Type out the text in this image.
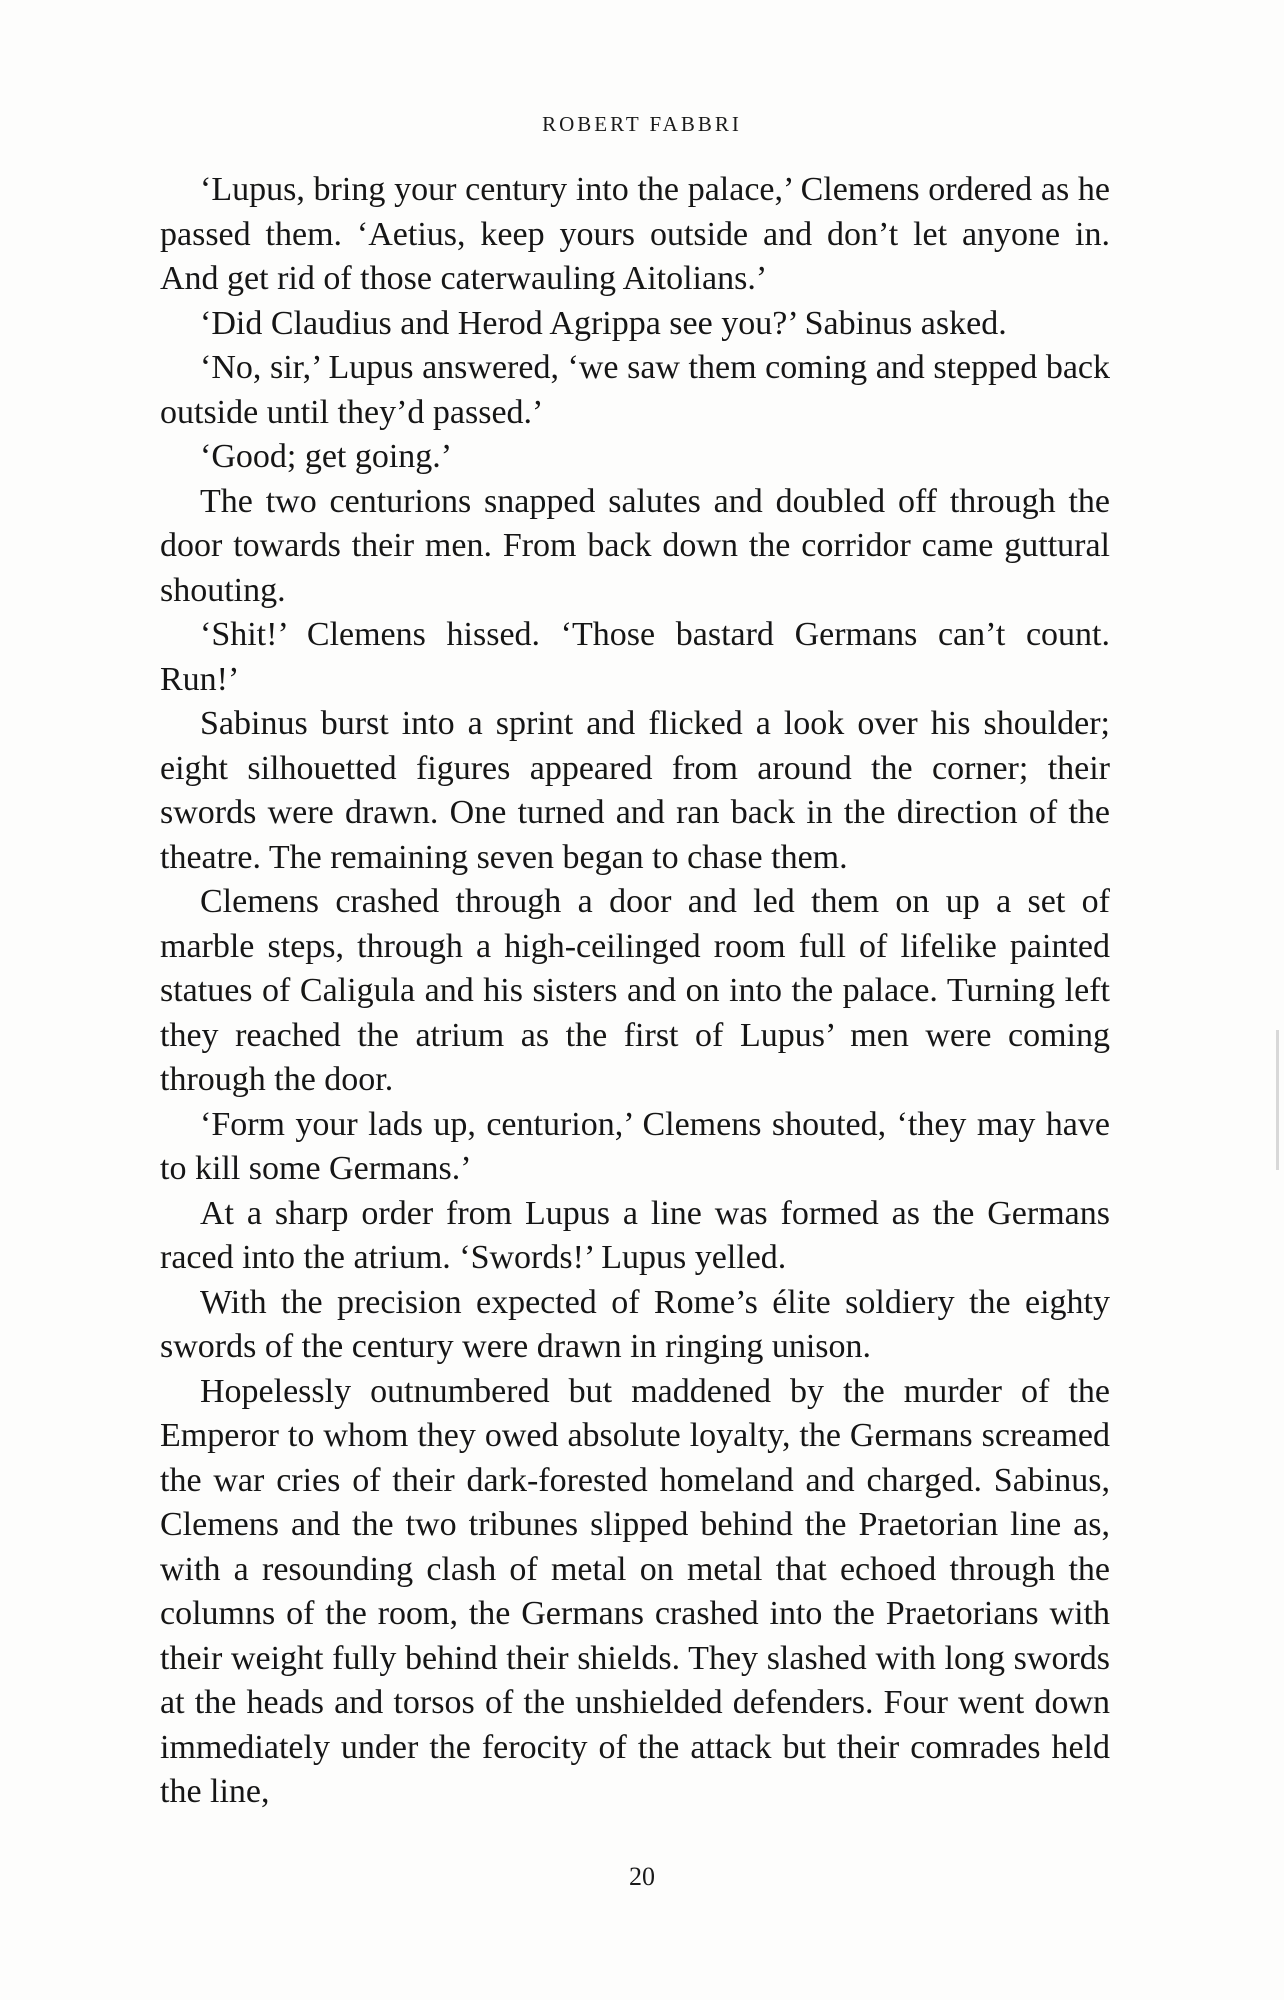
ROBERT FABBRI

‘Lupus, bring your century into the palace,’ Clemens ordered as he passed them. ‘Aetius, keep yours outside and don’t let anyone in. And get rid of those caterwauling Aitolians.’

‘Did Claudius and Herod Agrippa see you?’ Sabinus asked.

‘No, sir,’ Lupus answered, ‘we saw them coming and stepped back outside until they’d passed.’

‘Good; get going.’

The two centurions snapped salutes and doubled off through the door towards their men. From back down the corridor came guttural shouting.

‘Shit!’ Clemens hissed. ‘Those bastard Germans can’t count. Run!’

Sabinus burst into a sprint and flicked a look over his shoulder; eight silhouetted figures appeared from around the corner; their swords were drawn. One turned and ran back in the direction of the theatre. The remaining seven began to chase them.

Clemens crashed through a door and led them on up a set of marble steps, through a high-ceilinged room full of lifelike painted statues of Caligula and his sisters and on into the palace. Turning left they reached the atrium as the first of Lupus’ men were coming through the door.

‘Form your lads up, centurion,’ Clemens shouted, ‘they may have to kill some Germans.’

At a sharp order from Lupus a line was formed as the Germans raced into the atrium. ‘Swords!’ Lupus yelled.

With the precision expected of Rome’s élite soldiery the eighty swords of the century were drawn in ringing unison.

Hopelessly outnumbered but maddened by the murder of the Emperor to whom they owed absolute loyalty, the Germans screamed the war cries of their dark-forested homeland and charged. Sabinus, Clemens and the two tribunes slipped behind the Praetorian line as, with a resounding clash of metal on metal that echoed through the columns of the room, the Germans crashed into the Praetorians with their weight fully behind their shields. They slashed with long swords at the heads and torsos of the unshielded defenders. Four went down immediately under the ferocity of the attack but their comrades held the line,

20
